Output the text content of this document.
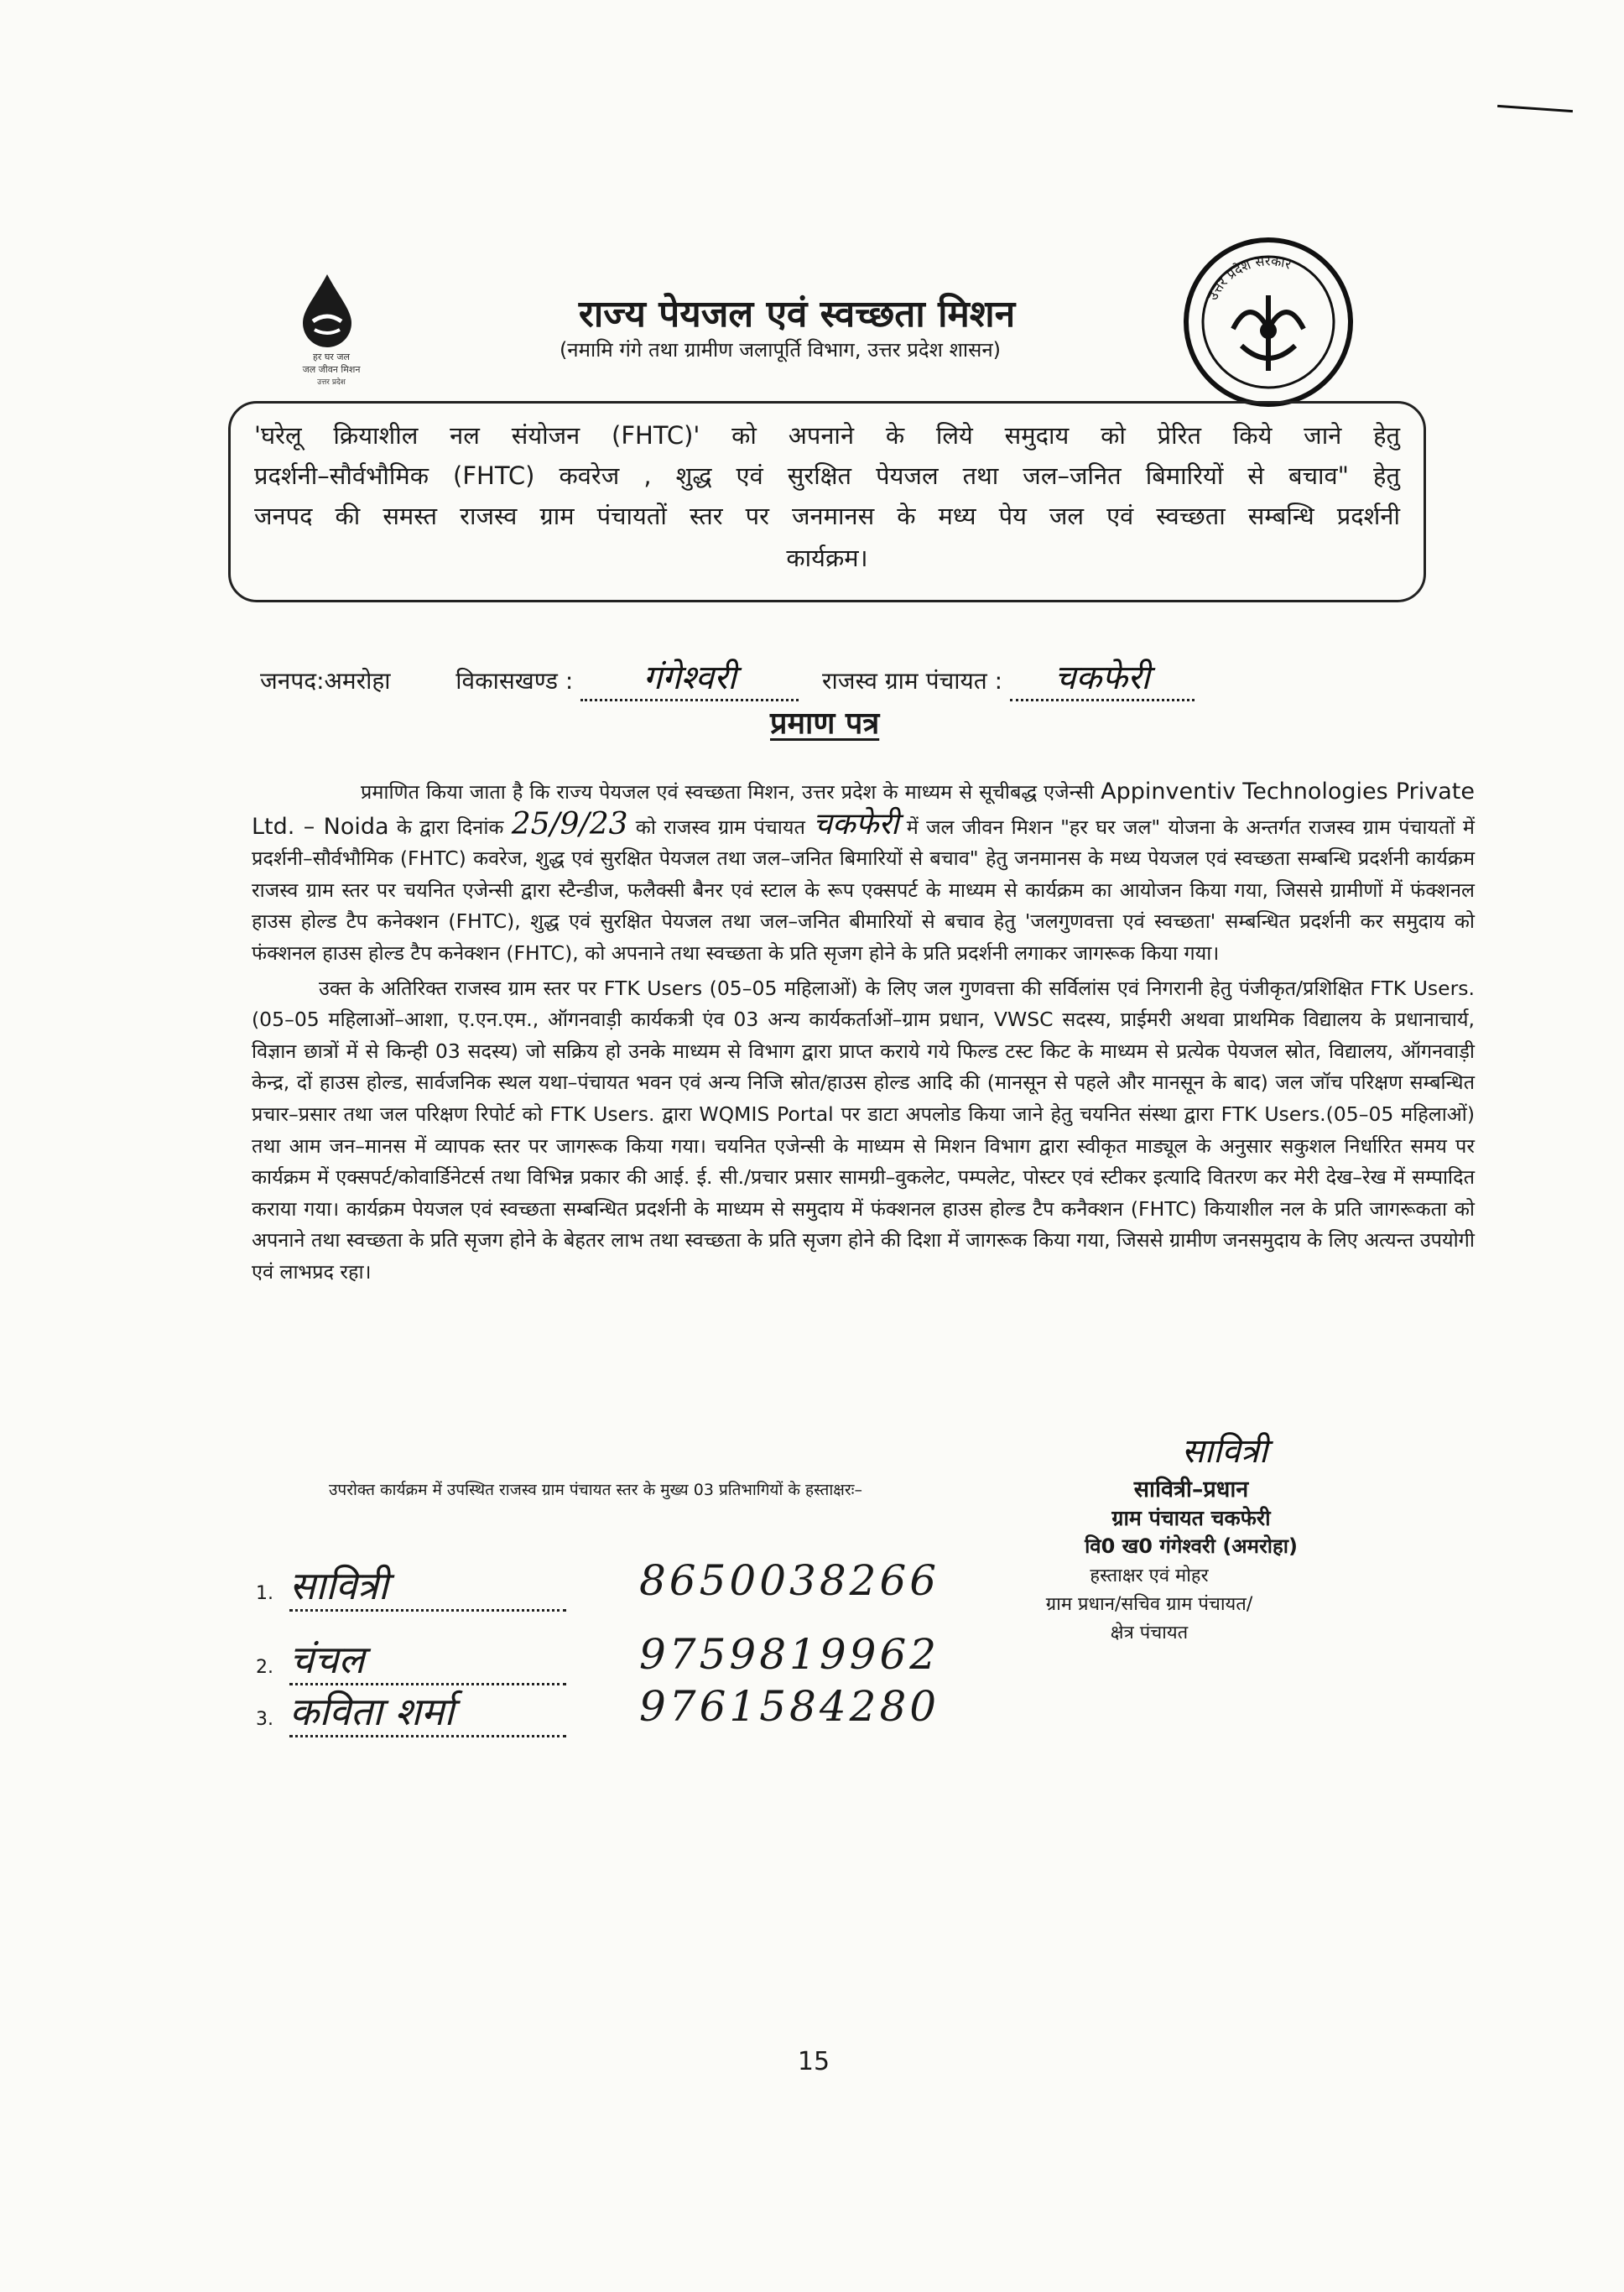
हर घर जल
जल जीवन मिशन
उत्तर प्रदेश
उत्तर प्रदेश सरकार
राज्य पेयजल एवं स्वच्छता मिशन
(नमामि गंगे तथा ग्रामीण जलापूर्ति विभाग, उत्तर प्रदेश शासन)

'घरेलू क्रियाशील नल संयोजन (FHTC)' को अपनाने के लिये समुदाय को प्रेरित किये जाने हेतु

प्रदर्शनी–सौर्वभौमिक (FHTC) कवरेज , शुद्ध एवं सुरक्षित पेयजल तथा जल–जनित बिमारियों से बचाव" हेतु

जनपद की समस्त राजस्व ग्राम पंचायतों स्तर पर जनमानस के मध्य पेय जल एवं स्वच्छता सम्बन्धि प्रदर्शनी

कार्यक्रम।

जनपद:अमरोहा	विकासखण्ड : गंगेश्वरी	राजस्व ग्राम पंचायत : चकफेरी
प्रमाण पत्र

प्रमाणित किया जाता है कि राज्य पेयजल एवं स्वच्छता मिशन, उत्तर प्रदेश के माध्यम से सूचीबद्ध एजेन्सी Appinventiv Technologies Private Ltd. – Noida के द्वारा दिनांक 25/9/23 को राजस्व ग्राम पंचायत चकफेरी में जल जीवन मिशन "हर घर जल" योजना के अन्तर्गत राजस्व ग्राम पंचायतों में प्रदर्शनी–सौर्वभौमिक (FHTC) कवरेज, शुद्ध एवं सुरक्षित पेयजल तथा जल–जनित बिमारियों से बचाव" हेतु जनमानस के मध्य पेयजल एवं स्वच्छता सम्बन्धि प्रदर्शनी कार्यक्रम राजस्व ग्राम स्तर पर चयनित एजेन्सी द्वारा स्टैन्डीज, फलैक्सी बैनर एवं स्टाल के रूप एक्सपर्ट के माध्यम से कार्यक्रम का आयोजन किया गया, जिससे ग्रामीणों में फंक्शनल हाउस होल्ड टैप कनेक्शन (FHTC), शुद्ध एवं सुरक्षित पेयजल तथा जल–जनित बीमारियों से बचाव हेतु 'जलगुणवत्ता एवं स्वच्छता' सम्बन्धित प्रदर्शनी कर समुदाय को फंक्शनल हाउस होल्ड टैप कनेक्शन (FHTC), को अपनाने तथा स्वच्छता के प्रति सृजग होने के प्रति प्रदर्शनी लगाकर जागरूक किया गया।

उक्त के अतिरिक्त राजस्व ग्राम स्तर पर FTK Users (05–05 महिलाओं) के लिए जल गुणवत्ता की सर्विलांस एवं निगरानी हेतु पंजीकृत/प्रशिक्षित FTK Users.(05–05 महिलाओं–आशा, ए.एन.एम., ऑगनवाड़ी कार्यकत्री एंव 03 अन्य कार्यकर्ताओं–ग्राम प्रधान, VWSC सदस्य, प्राईमरी अथवा प्राथमिक विद्यालय के प्रधानाचार्य, विज्ञान छात्रों में से किन्ही 03 सदस्य) जो सक्रिय हो उनके माध्यम से विभाग द्वारा प्राप्त कराये गये फिल्ड टस्ट किट के माध्यम से प्रत्येक पेयजल स्रोत, विद्यालय, ऑगनवाड़ी केन्द्र, दों हाउस होल्ड, सार्वजनिक स्थल यथा–पंचायत भवन एवं अन्य निजि स्रोत/हाउस होल्ड आदि की (मानसून से पहले और मानसून के बाद) जल जॉच परिक्षण सम्बन्धित प्रचार–प्रसार तथा जल परिक्षण रिपोर्ट को FTK Users. द्वारा WQMIS Portal पर डाटा अपलोड किया जाने हेतु चयनित संस्था द्वारा FTK Users.(05–05 महिलाओं) तथा आम जन–मानस में व्यापक स्तर पर जागरूक किया गया। चयनित एजेन्सी के माध्यम से मिशन विभाग द्वारा स्वीकृत माड्यूल के अनुसार सकुशल निर्धारित समय पर कार्यक्रम में एक्सपर्ट/कोवार्डिनेटर्स तथा विभिन्न प्रकार की आई. ई. सी./प्रचार प्रसार सामग्री–वुकलेट, पम्पलेट, पोस्टर एवं स्टीकर इत्यादि वितरण कर मेरी देख–रेख में सम्पादित कराया गया। कार्यक्रम पेयजल एवं स्वच्छता सम्बन्धित प्रदर्शनी के माध्यम से समुदाय में फंक्शनल हाउस होल्ड टैप कनैक्शन (FHTC) कियाशील नल के प्रति जागरूकता को अपनाने तथा स्वच्छता के प्रति सृजग होने के बेहतर लाभ तथा स्वच्छता के प्रति सृजग होने की दिशा में जागरूक किया गया, जिससे ग्रामीण जनसमुदाय के लिए अत्यन्त उपयोगी एवं लाभप्रद रहा।

उपरोक्त कार्यक्रम में उपस्थित राजस्व ग्राम पंचायत स्तर के मुख्य 03 प्रतिभागियों के हस्ताक्षरः–
1. सावित्री	8650038266
2. चंचल	9759819962
3. कविता शर्मा	9761584280
सावित्री
सावित्री–प्रधान
ग्राम पंचायत चकफेरी
वि0 ख0 गंगेश्वरी (अमरोहा)
हस्ताक्षर एवं मोहर
ग्राम प्रधान/सचिव ग्राम पंचायत/
क्षेत्र पंचायत
15
